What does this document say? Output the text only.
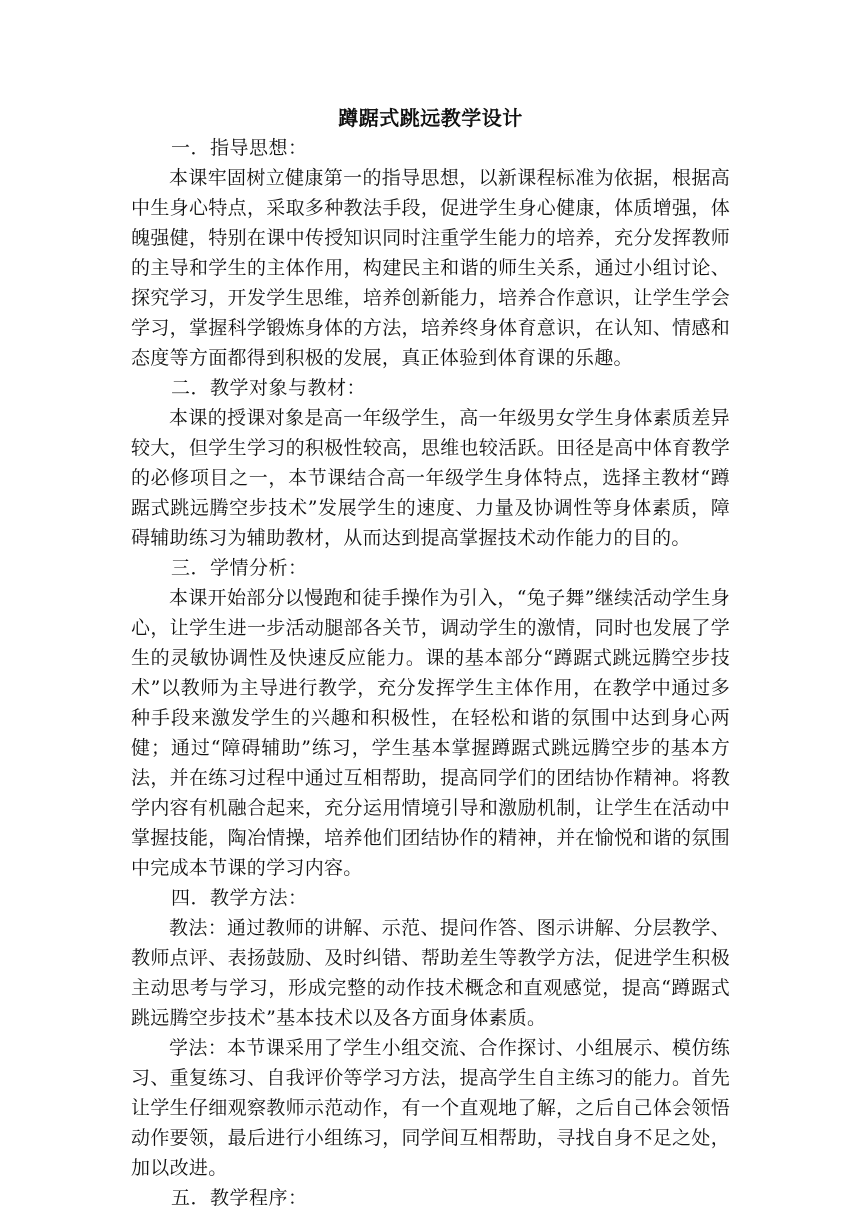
蹲踞式跳远教学设计

一．指导思想：

本课牢固树立健康第一的指导思想，以新课程标准为依据，根据高中生身心特点，采取多种教法手段，促进学生身心健康，体质增强，体魄强健，特别在课中传授知识同时注重学生能力的培养，充分发挥教师的主导和学生的主体作用，构建民主和谐的师生关系，通过小组讨论、探究学习，开发学生思维，培养创新能力，培养合作意识，让学生学会学习，掌握科学锻炼身体的方法，培养终身体育意识，在认知、情感和态度等方面都得到积极的发展，真正体验到体育课的乐趣。

二．教学对象与教材：

本课的授课对象是高一年级学生，高一年级男女学生身体素质差异较大，但学生学习的积极性较高，思维也较活跃。田径是高中体育教学的必修项目之一，本节课结合高一年级学生身体特点，选择主教材“蹲踞式跳远腾空步技术”发展学生的速度、力量及协调性等身体素质，障碍辅助练习为辅助教材，从而达到提高掌握技术动作能力的目的。

三．学情分析：

本课开始部分以慢跑和徒手操作为引入，“兔子舞”继续活动学生身心，让学生进一步活动腿部各关节，调动学生的激情，同时也发展了学生的灵敏协调性及快速反应能力。课的基本部分“蹲踞式跳远腾空步技术”以教师为主导进行教学，充分发挥学生主体作用，在教学中通过多种手段来激发学生的兴趣和积极性，在轻松和谐的氛围中达到身心两健；通过“障碍辅助”练习，学生基本掌握蹲踞式跳远腾空步的基本方法，并在练习过程中通过互相帮助，提高同学们的团结协作精神。将教学内容有机融合起来，充分运用情境引导和激励机制，让学生在活动中掌握技能，陶冶情操，培养他们团结协作的精神，并在愉悦和谐的氛围中完成本节课的学习内容。

四．教学方法：

教法：通过教师的讲解、示范、提问作答、图示讲解、分层教学、教师点评、表扬鼓励、及时纠错、帮助差生等教学方法，促进学生积极主动思考与学习，形成完整的动作技术概念和直观感觉，提高“蹲踞式跳远腾空步技术”基本技术以及各方面身体素质。

学法：本节课采用了学生小组交流、合作探讨、小组展示、模仿练习、重复练习、自我评价等学习方法，提高学生自主练习的能力。首先让学生仔细观察教师示范动作，有一个直观地了解，之后自己体会领悟动作要领，最后进行小组练习，同学间互相帮助，寻找自身不足之处，加以改进。

五．教学程序：
